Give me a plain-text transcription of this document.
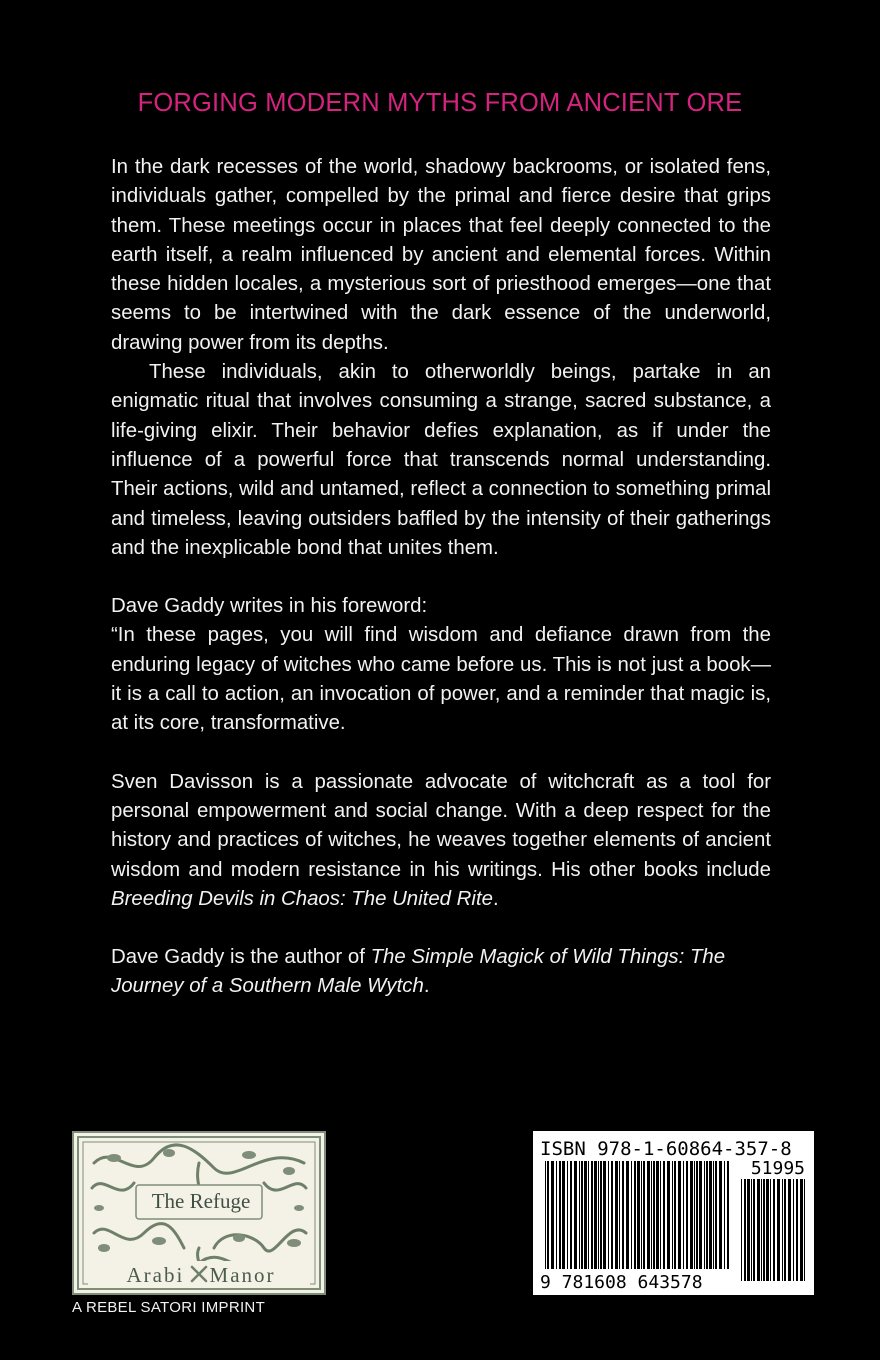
FORGING MODERN MYTHS FROM ANCIENT ORE

In the dark recesses of the world, shadowy backrooms, or isolated fens, individuals gather, compelled by the primal and fierce desire that grips them. These meetings occur in places that feel deeply connected to the earth itself, a realm influenced by ancient and elemental forces. Within these hidden locales, a mysterious sort of priesthood emerges—one that seems to be intertwined with the dark essence of the underworld, drawing power from its depths.

These individuals, akin to otherworldly beings, partake in an enigmatic ritual that involves consuming a strange, sacred substance, a life-giving elixir. Their behavior defies explanation, as if under the influence of a powerful force that transcends normal understanding. Their actions, wild and untamed, reflect a connection to something primal and timeless, leaving outsiders baffled by the intensity of their gatherings and the inexplicable bond that unites them.

Dave Gaddy writes in his foreword:

“In these pages, you will find wisdom and defiance drawn from the enduring legacy of witches who came before us. This is not just a book—it is a call to action, an invocation of power, and a reminder that magic is, at its core, transformative.

Sven Davisson is a passionate advocate of witchcraft as a tool for personal empowerment and social change. With a deep respect for the history and practices of witches, he weaves together elements of ancient wisdom and modern resistance in his writings. His other books include Breeding Devils in Chaos: The United Rite.

Dave Gaddy is the author of The Simple Magick of Wild Things: The Journey of a Southern Male Wytch.

The Refuge
Arabi Manor
A REBEL SATORI IMPRINT
ISBN 978-1-60864-357-8
51995
9 781608 643578
